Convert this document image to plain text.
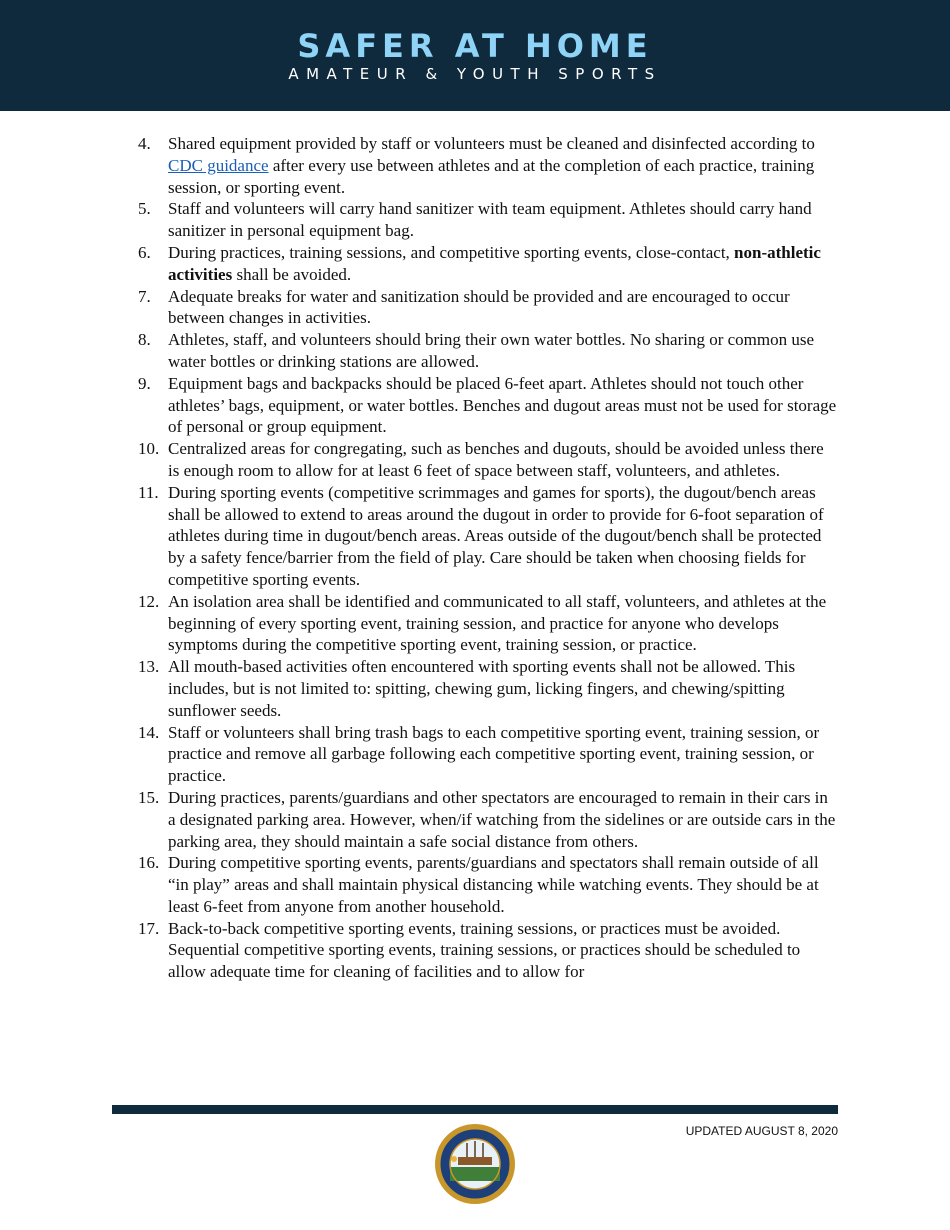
SAFER AT HOME
AMATEUR & YOUTH SPORTS
4. Shared equipment provided by staff or volunteers must be cleaned and disinfected according to CDC guidance after every use between athletes and at the completion of each practice, training session, or sporting event.
5. Staff and volunteers will carry hand sanitizer with team equipment. Athletes should carry hand sanitizer in personal equipment bag.
6. During practices, training sessions, and competitive sporting events, close-contact, non-athletic activities shall be avoided.
7. Adequate breaks for water and sanitization should be provided and are encouraged to occur between changes in activities.
8. Athletes, staff, and volunteers should bring their own water bottles. No sharing or common use water bottles or drinking stations are allowed.
9. Equipment bags and backpacks should be placed 6-feet apart. Athletes should not touch other athletes’ bags, equipment, or water bottles. Benches and dugout areas must not be used for storage of personal or group equipment.
10. Centralized areas for congregating, such as benches and dugouts, should be avoided unless there is enough room to allow for at least 6 feet of space between staff, volunteers, and athletes.
11. During sporting events (competitive scrimmages and games for sports), the dugout/bench areas shall be allowed to extend to areas around the dugout in order to provide for 6-foot separation of athletes during time in dugout/bench areas. Areas outside of the dugout/bench shall be protected by a safety fence/barrier from the field of play. Care should be taken when choosing fields for competitive sporting events.
12. An isolation area shall be identified and communicated to all staff, volunteers, and athletes at the beginning of every sporting event, training session, and practice for anyone who develops symptoms during the competitive sporting event, training session, or practice.
13. All mouth-based activities often encountered with sporting events shall not be allowed. This includes, but is not limited to: spitting, chewing gum, licking fingers, and chewing/spitting sunflower seeds.
14. Staff or volunteers shall bring trash bags to each competitive sporting event, training session, or practice and remove all garbage following each competitive sporting event, training session, or practice.
15. During practices, parents/guardians and other spectators are encouraged to remain in their cars in a designated parking area. However, when/if watching from the sidelines or are outside cars in the parking area, they should maintain a safe social distance from others.
16. During competitive sporting events, parents/guardians and spectators shall remain outside of all “in play” areas and shall maintain physical distancing while watching events. They should be at least 6-feet from anyone from another household.
17. Back-to-back competitive sporting events, training sessions, or practices must be avoided. Sequential competitive sporting events, training sessions, or practices should be scheduled to allow adequate time for cleaning of facilities and to allow for
UPDATED AUGUST 8, 2020
